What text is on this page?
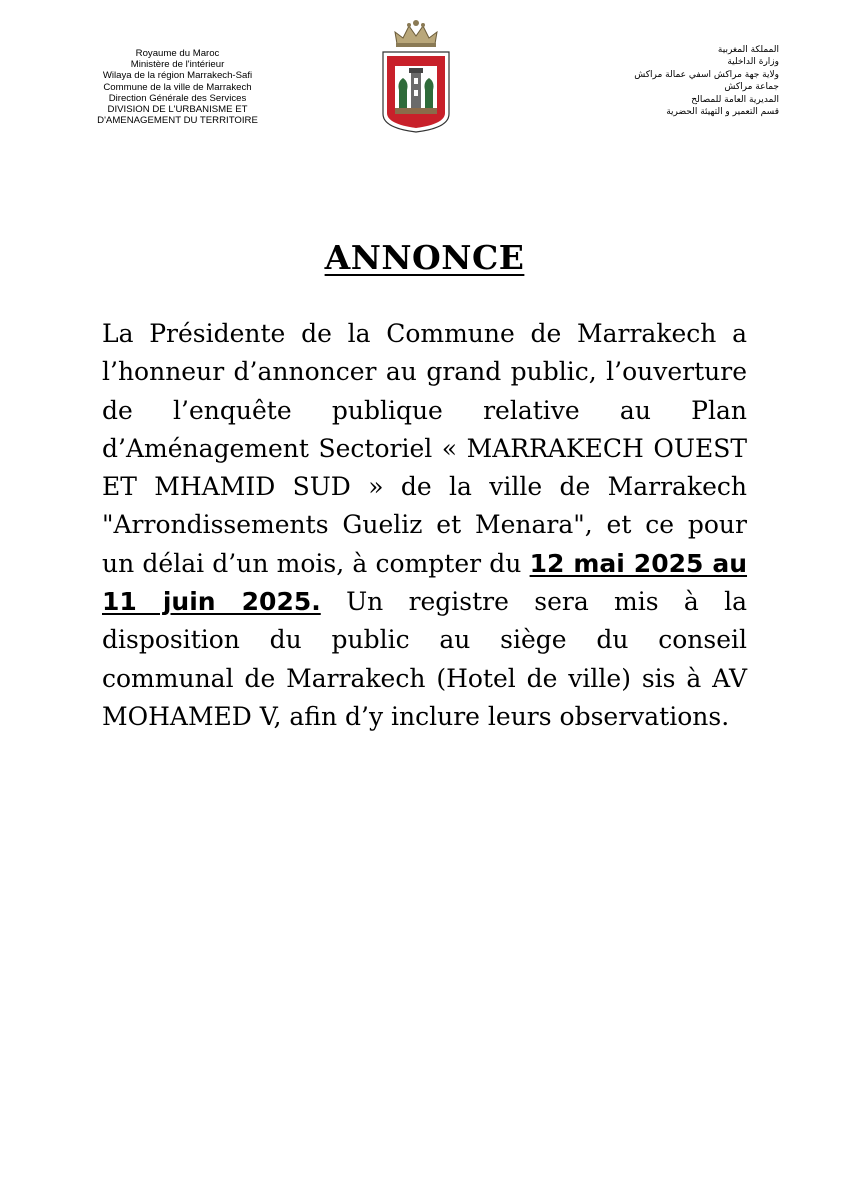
Royaume du Maroc
Ministère de l'intérieur
Wilaya de la région Marrakech-Safi
Commune de la ville de Marrakech
Direction Générale des Services
DIVISION DE L'URBANISME ET
D'AMENAGEMENT DU TERRITOIRE
المملكة المغربية
وزارة الداخلية
ولاية جهة مراكش اسفي عمالة مراكش
جماعة مراكش
المديرية العامة للمصالح
قسم التعمير و التهيئة الحضرية
ANNONCE
La Présidente de la Commune de Marrakech a l’honneur d’annoncer au grand public, l’ouverture de l’enquête publique relative au Plan d’Aménagement Sectoriel « MARRAKECH OUEST ET MHAMID SUD » de la ville de Marrakech "Arrondissements Gueliz et Menara", et ce pour un délai d’un mois, à compter du 12 mai 2025 au 11 juin 2025. Un registre sera mis à la disposition du public au siège du conseil communal de Marrakech (Hotel de ville) sis à AV MOHAMED V, afin d’y inclure leurs observations.
